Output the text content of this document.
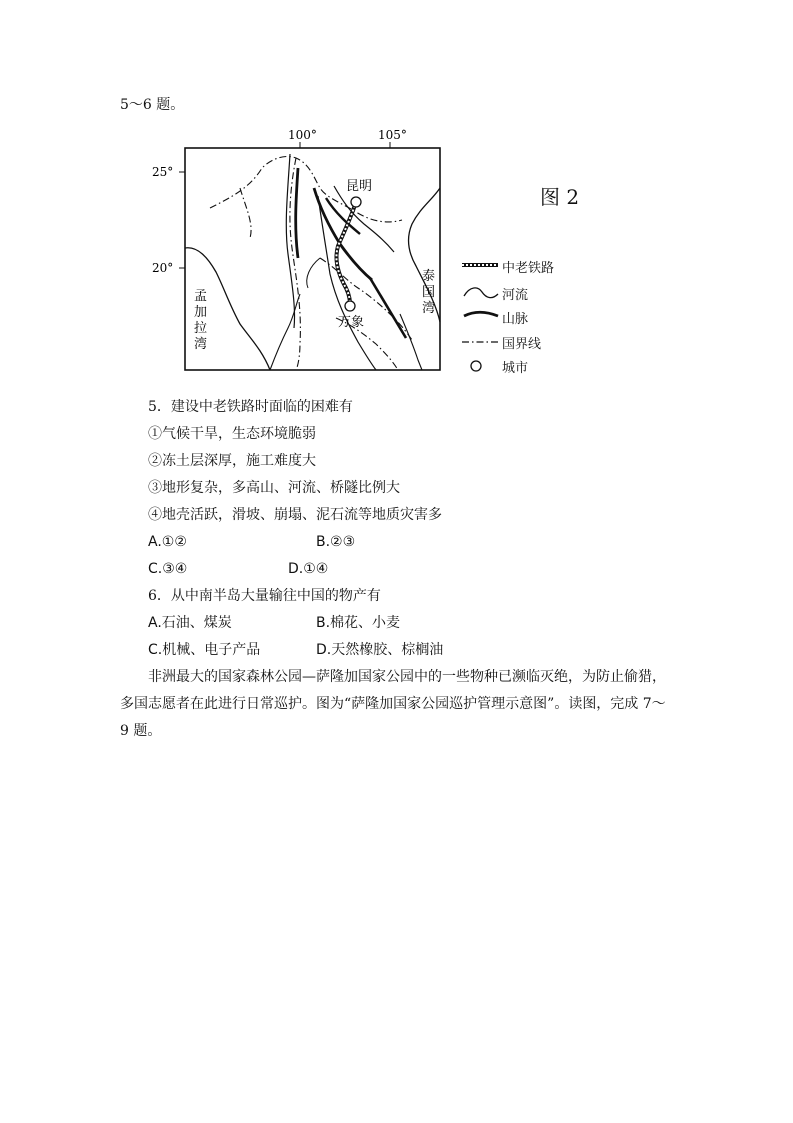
5～6 题。
100°	105°
25°
20°
昆明
万象
孟
加
拉
湾
泰
国
湾
图 2
中老铁路
河流
山脉
国界线
城市
5．建设中老铁路时面临的困难有
①气候干旱，生态环境脆弱
②冻土层深厚，施工难度大
③地形复杂，多高山、河流、桥隧比例大
④地壳活跃，滑坡、崩塌、泥石流等地质灾害多
A.①②	B.②③
C.③④	D.①④
6．从中南半岛大量输往中国的物产有
A.石油、煤炭	B.棉花、小麦
C.机械、电子产品	D.天然橡胶、棕榈油
非洲最大的国家森林公园—萨隆加国家公园中的一些物种已濒临灭绝，为防止偷猎，
多国志愿者在此进行日常巡护。图为“萨隆加国家公园巡护管理示意图”。读图，完成 7～
9 题。
